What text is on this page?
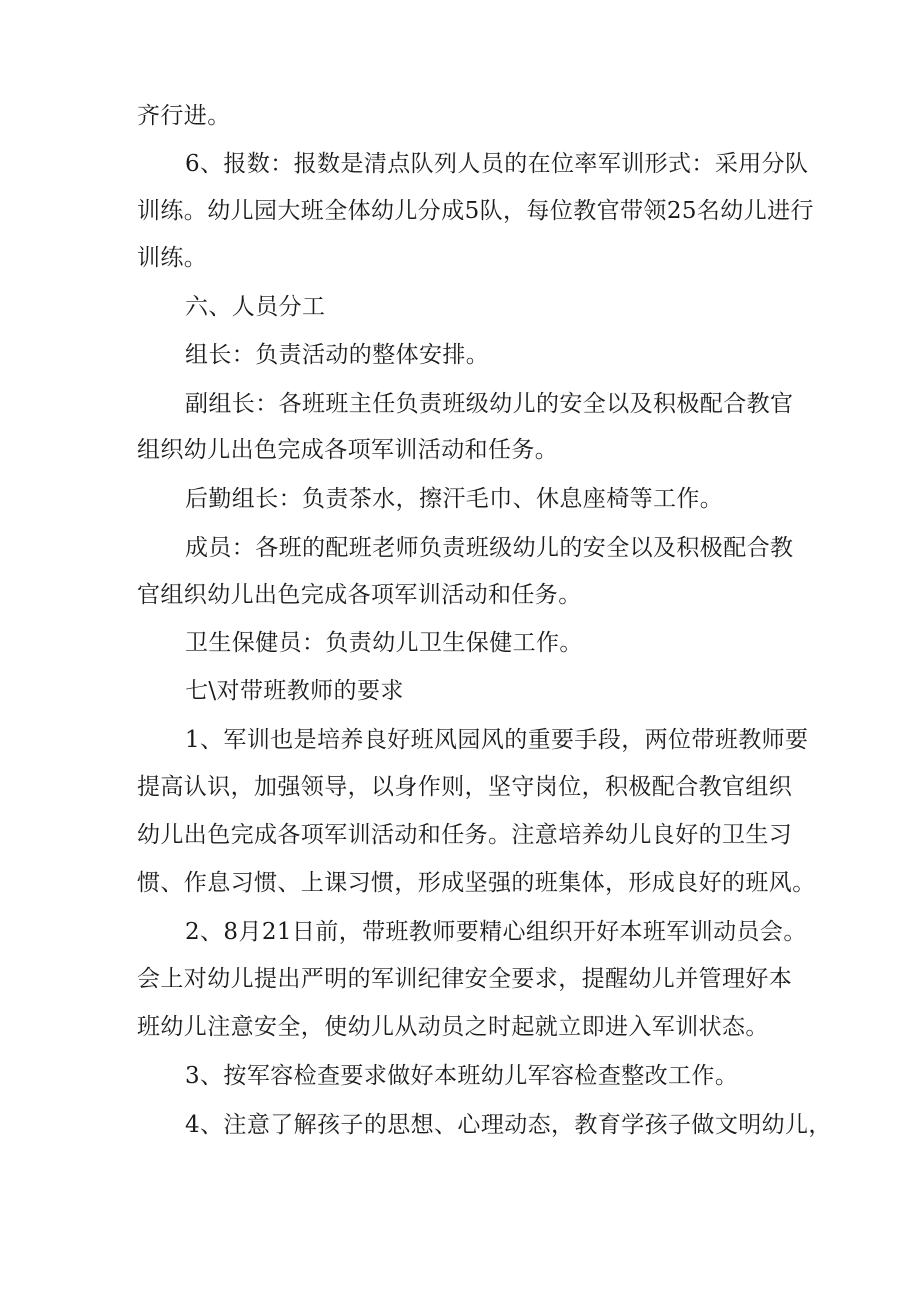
齐行进。
6、报数：报数是清点队列人员的在位率军训形式：采用分队
训练。幼儿园大班全体幼儿分成5队，每位教官带领25名幼儿进行
训练。
六、人员分工
组长：负责活动的整体安排。
副组长：各班班主任负责班级幼儿的安全以及积极配合教官
组织幼儿出色完成各项军训活动和任务。
后勤组长：负责茶水，擦汗毛巾、休息座椅等工作。
成员：各班的配班老师负责班级幼儿的安全以及积极配合教
官组织幼儿出色完成各项军训活动和任务。
卫生保健员：负责幼儿卫生保健工作。
七\对带班教师的要求
1、军训也是培养良好班风园风的重要手段，两位带班教师要
提高认识，加强领导，以身作则，坚守岗位，积极配合教官组织
幼儿出色完成各项军训活动和任务。注意培养幼儿良好的卫生习
惯、作息习惯、上课习惯，形成坚强的班集体，形成良好的班风。
2、8月21日前，带班教师要精心组织开好本班军训动员会。
会上对幼儿提出严明的军训纪律安全要求，提醒幼儿并管理好本
班幼儿注意安全，使幼儿从动员之时起就立即进入军训状态。
3、按军容检查要求做好本班幼儿军容检查整改工作。
4、注意了解孩子的思想、心理动态，教育学孩子做文明幼儿，
